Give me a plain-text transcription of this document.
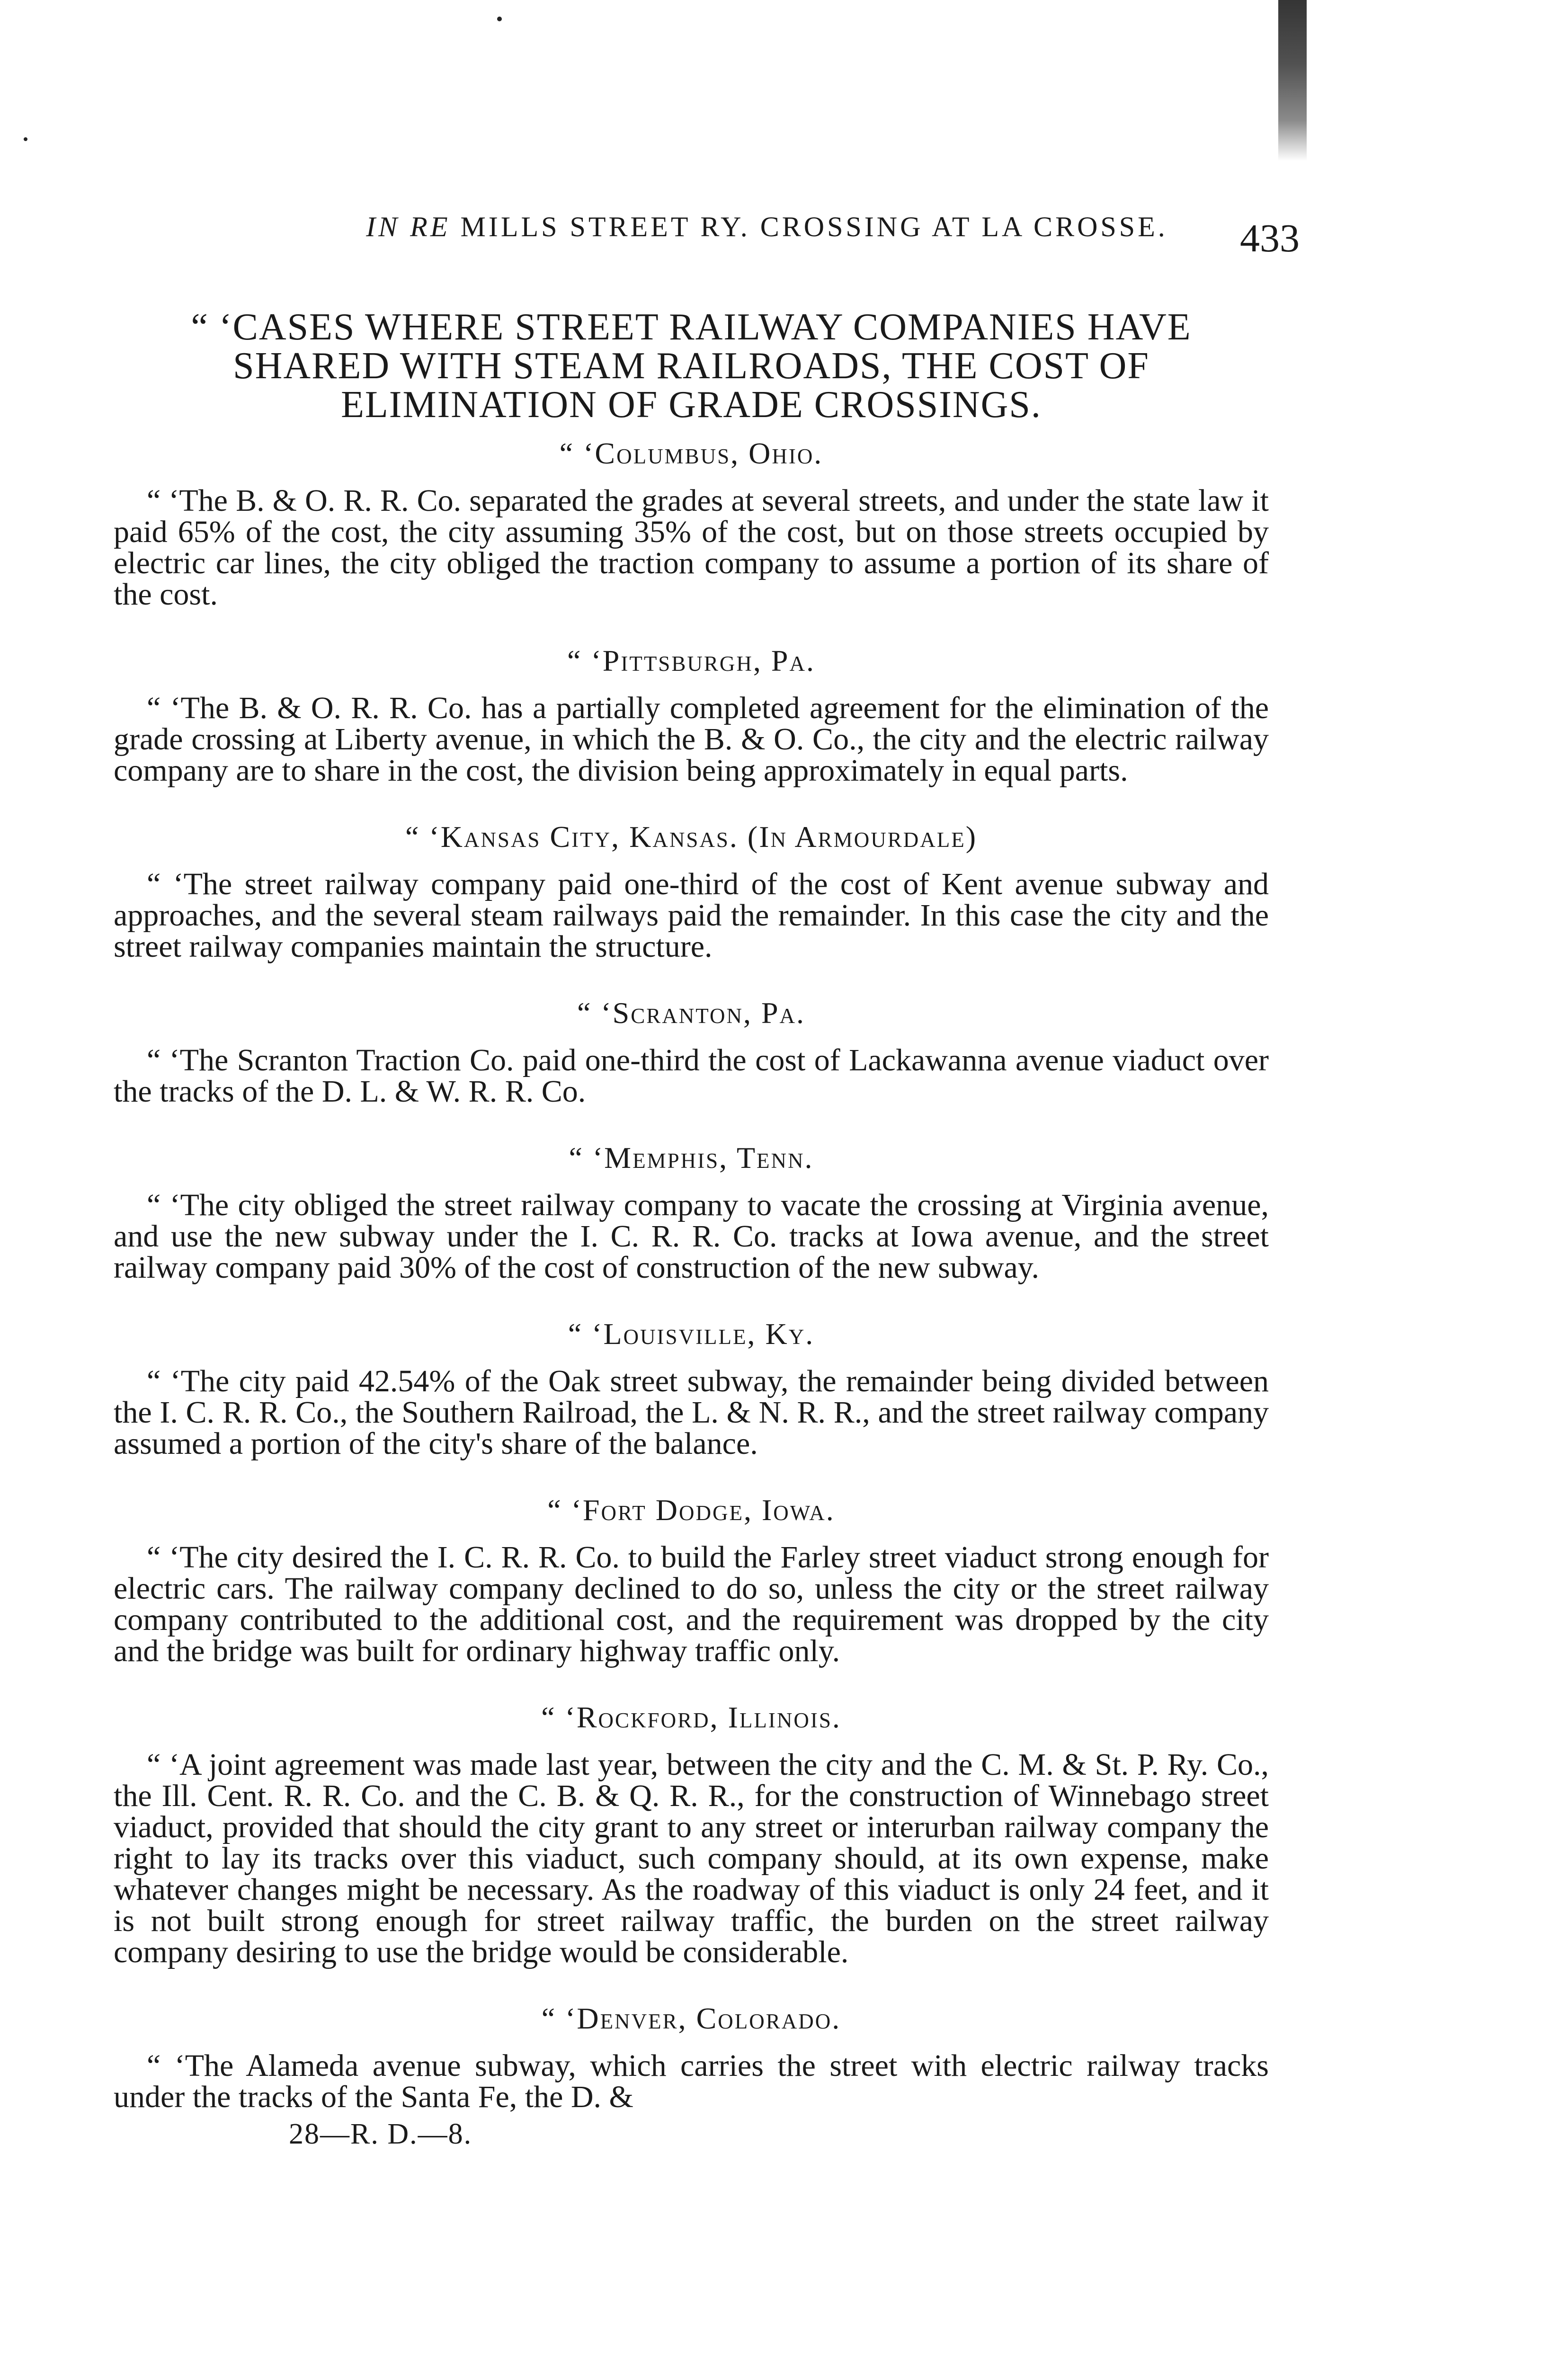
IN RE MILLS STREET RY. CROSSING AT LA CROSSE.	433
“ ‘CASES WHERE STREET RAILWAY COMPANIES HAVE SHARED WITH STEAM RAILROADS, THE COST OF ELIMINATION OF GRADE CROSSINGS.
“ ‘Columbus, Ohio.

“ ‘The B. & O. R. R. Co. separated the grades at several streets, and under the state law it paid 65% of the cost, the city assuming 35% of the cost, but on those streets occupied by electric car lines, the city obliged the traction company to assume a portion of its share of the cost.

“ ‘Pittsburgh, Pa.

“ ‘The B. & O. R. R. Co. has a partially completed agreement for the elimination of the grade crossing at Liberty avenue, in which the B. & O. Co., the city and the electric railway company are to share in the cost, the division being approximately in equal parts.

“ ‘Kansas City, Kansas. (In Armourdale)

“ ‘The street railway company paid one-third of the cost of Kent avenue subway and approaches, and the several steam railways paid the remainder. In this case the city and the street railway companies maintain the structure.

“ ‘Scranton, Pa.

“ ‘The Scranton Traction Co. paid one-third the cost of Lackawanna avenue viaduct over the tracks of the D. L. & W. R. R. Co.

“ ‘Memphis, Tenn.

“ ‘The city obliged the street railway company to vacate the crossing at Virginia avenue, and use the new subway under the I. C. R. R. Co. tracks at Iowa avenue, and the street railway company paid 30% of the cost of construction of the new subway.

“ ‘Louisville, Ky.

“ ‘The city paid 42.54% of the Oak street subway, the remainder being divided between the I. C. R. R. Co., the Southern Railroad, the L. & N. R. R., and the street railway company assumed a portion of the city's share of the balance.

“ ‘Fort Dodge, Iowa.

“ ‘The city desired the I. C. R. R. Co. to build the Farley street viaduct strong enough for electric cars. The railway company declined to do so, unless the city or the street railway company contributed to the additional cost, and the requirement was dropped by the city and the bridge was built for ordinary highway traffic only.

“ ‘Rockford, Illinois.

“ ‘A joint agreement was made last year, between the city and the C. M. & St. P. Ry. Co., the Ill. Cent. R. R. Co. and the C. B. & Q. R. R., for the construction of Winnebago street viaduct, provided that should the city grant to any street or interurban railway company the right to lay its tracks over this viaduct, such company should, at its own expense, make whatever changes might be necessary. As the roadway of this viaduct is only 24 feet, and it is not built strong enough for street railway traffic, the burden on the street railway company desiring to use the bridge would be considerable.

“ ‘Denver, Colorado.

“ ‘The Alameda avenue subway, which carries the street with electric railway tracks under the tracks of the Santa Fe, the D. &

28—R. D.—8.
